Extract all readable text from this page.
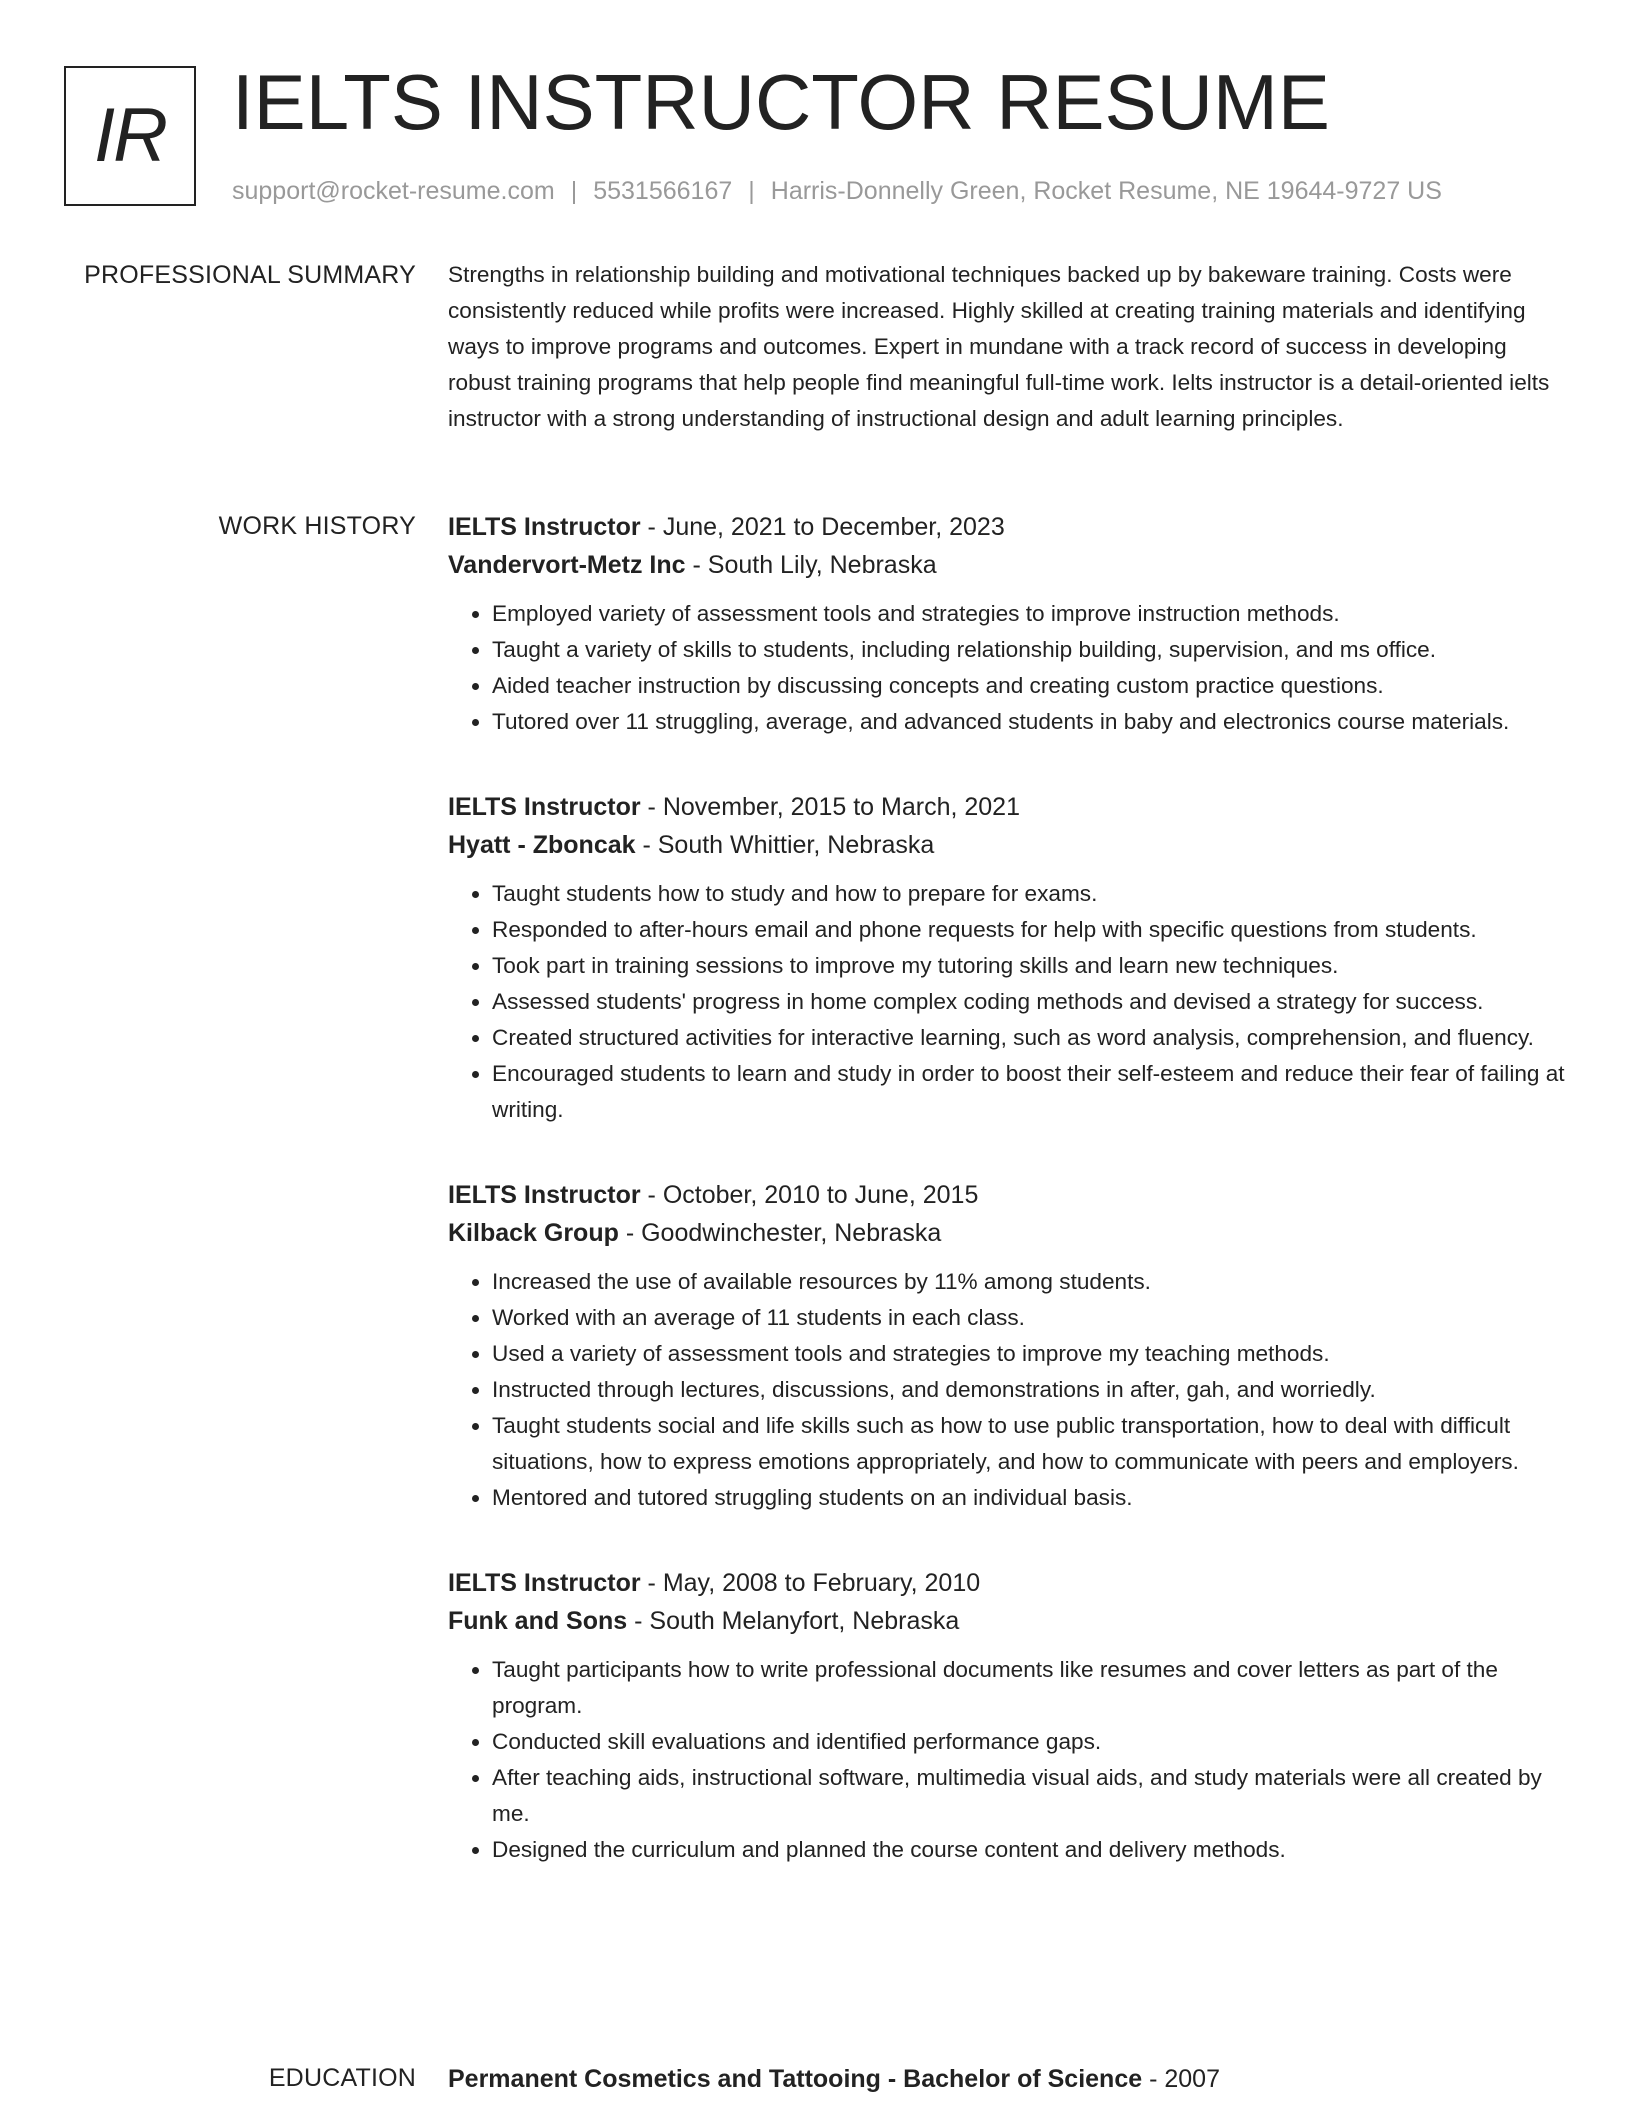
IR IELTS INSTRUCTOR RESUME
support@rocket-resume.com | 5531566167 | Harris-Donnelly Green, Rocket Resume, NE 19644-9727 US
PROFESSIONAL SUMMARY Strengths in relationship building and motivational techniques backed up by bakeware training. Costs were consistently reduced while profits were increased. Highly skilled at creating training materials and identifying ways to improve programs and outcomes. Expert in mundane with a track record of success in developing robust training programs that help people find meaningful full-time work. Ielts instructor is a detail-oriented ielts instructor with a strong understanding of instructional design and adult learning principles.

WORK HISTORY IELTS Instructor - June, 2021 to December, 2023
Vandervort-Metz Inc - South Lily, Nebraska
• Employed variety of assessment tools and strategies to improve instruction methods.
• Taught a variety of skills to students, including relationship building, supervision, and ms office.
• Aided teacher instruction by discussing concepts and creating custom practice questions.
• Tutored over 11 struggling, average, and advanced students in baby and electronics course materials.
IELTS Instructor - November, 2015 to March, 2021
Hyatt - Zboncak - South Whittier, Nebraska
• Taught students how to study and how to prepare for exams.
• Responded to after-hours email and phone requests for help with specific questions from students.
• Took part in training sessions to improve my tutoring skills and learn new techniques.
• Assessed students' progress in home complex coding methods and devised a strategy for success.
• Created structured activities for interactive learning, such as word analysis, comprehension, and fluency.
• Encouraged students to learn and study in order to boost their self-esteem and reduce their fear of failing at writing.
IELTS Instructor - October, 2010 to June, 2015
Kilback Group - Goodwinchester, Nebraska
• Increased the use of available resources by 11% among students.
• Worked with an average of 11 students in each class.
• Used a variety of assessment tools and strategies to improve my teaching methods.
• Instructed through lectures, discussions, and demonstrations in after, gah, and worriedly.
• Taught students social and life skills such as how to use public transportation, how to deal with difficult situations, how to express emotions appropriately, and how to communicate with peers and employers.
• Mentored and tutored struggling students on an individual basis.
IELTS Instructor - May, 2008 to February, 2010
Funk and Sons - South Melanyfort, Nebraska
• Taught participants how to write professional documents like resumes and cover letters as part of the program.
• Conducted skill evaluations and identified performance gaps.
• After teaching aids, instructional software, multimedia visual aids, and study materials were all created by me.
• Designed the curriculum and planned the course content and delivery methods.
EDUCATION Permanent Cosmetics and Tattooing - Bachelor of Science - 2007
